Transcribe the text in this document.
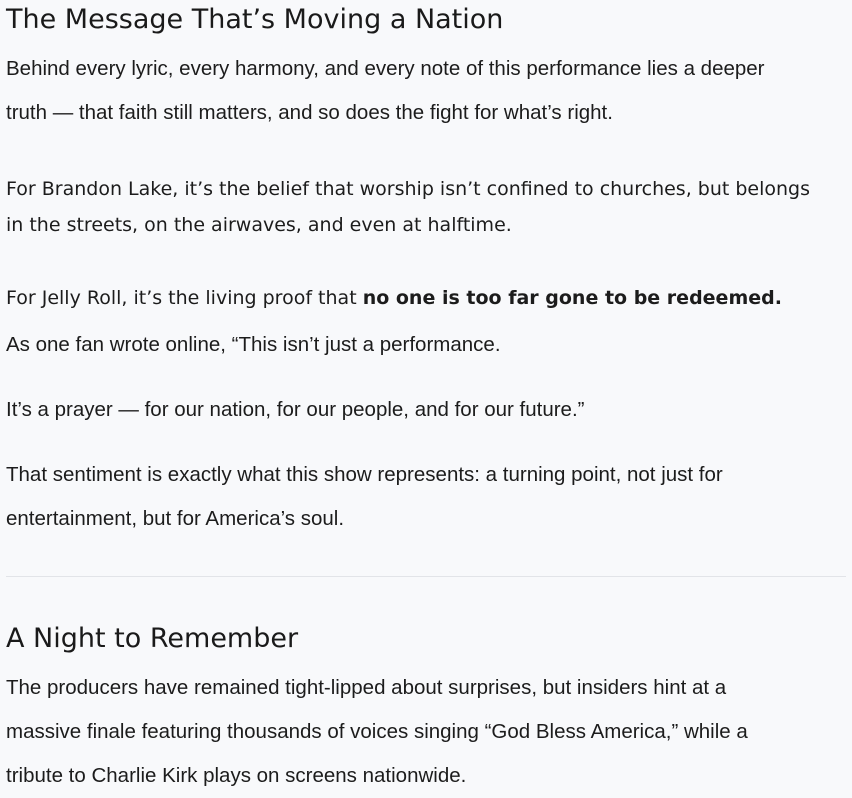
The Message That’s Moving a Nation

Behind every lyric, every harmony, and every note of this performance lies a deeper
truth — that faith still matters, and so does the fight for what’s right.

For Brandon Lake, it’s the belief that worship isn’t confined to churches, but belongs
in the streets, on the airwaves, and even at halftime.

For Jelly Roll, it’s the living proof that no one is too far gone to be redeemed.

As one fan wrote online, “This isn’t just a performance.

It’s a prayer — for our nation, for our people, and for our future.”

That sentiment is exactly what this show represents: a turning point, not just for
entertainment, but for America’s soul.

A Night to Remember

The producers have remained tight-lipped about surprises, but insiders hint at a
massive finale featuring thousands of voices singing “God Bless America,” while a
tribute to Charlie Kirk plays on screens nationwide.
